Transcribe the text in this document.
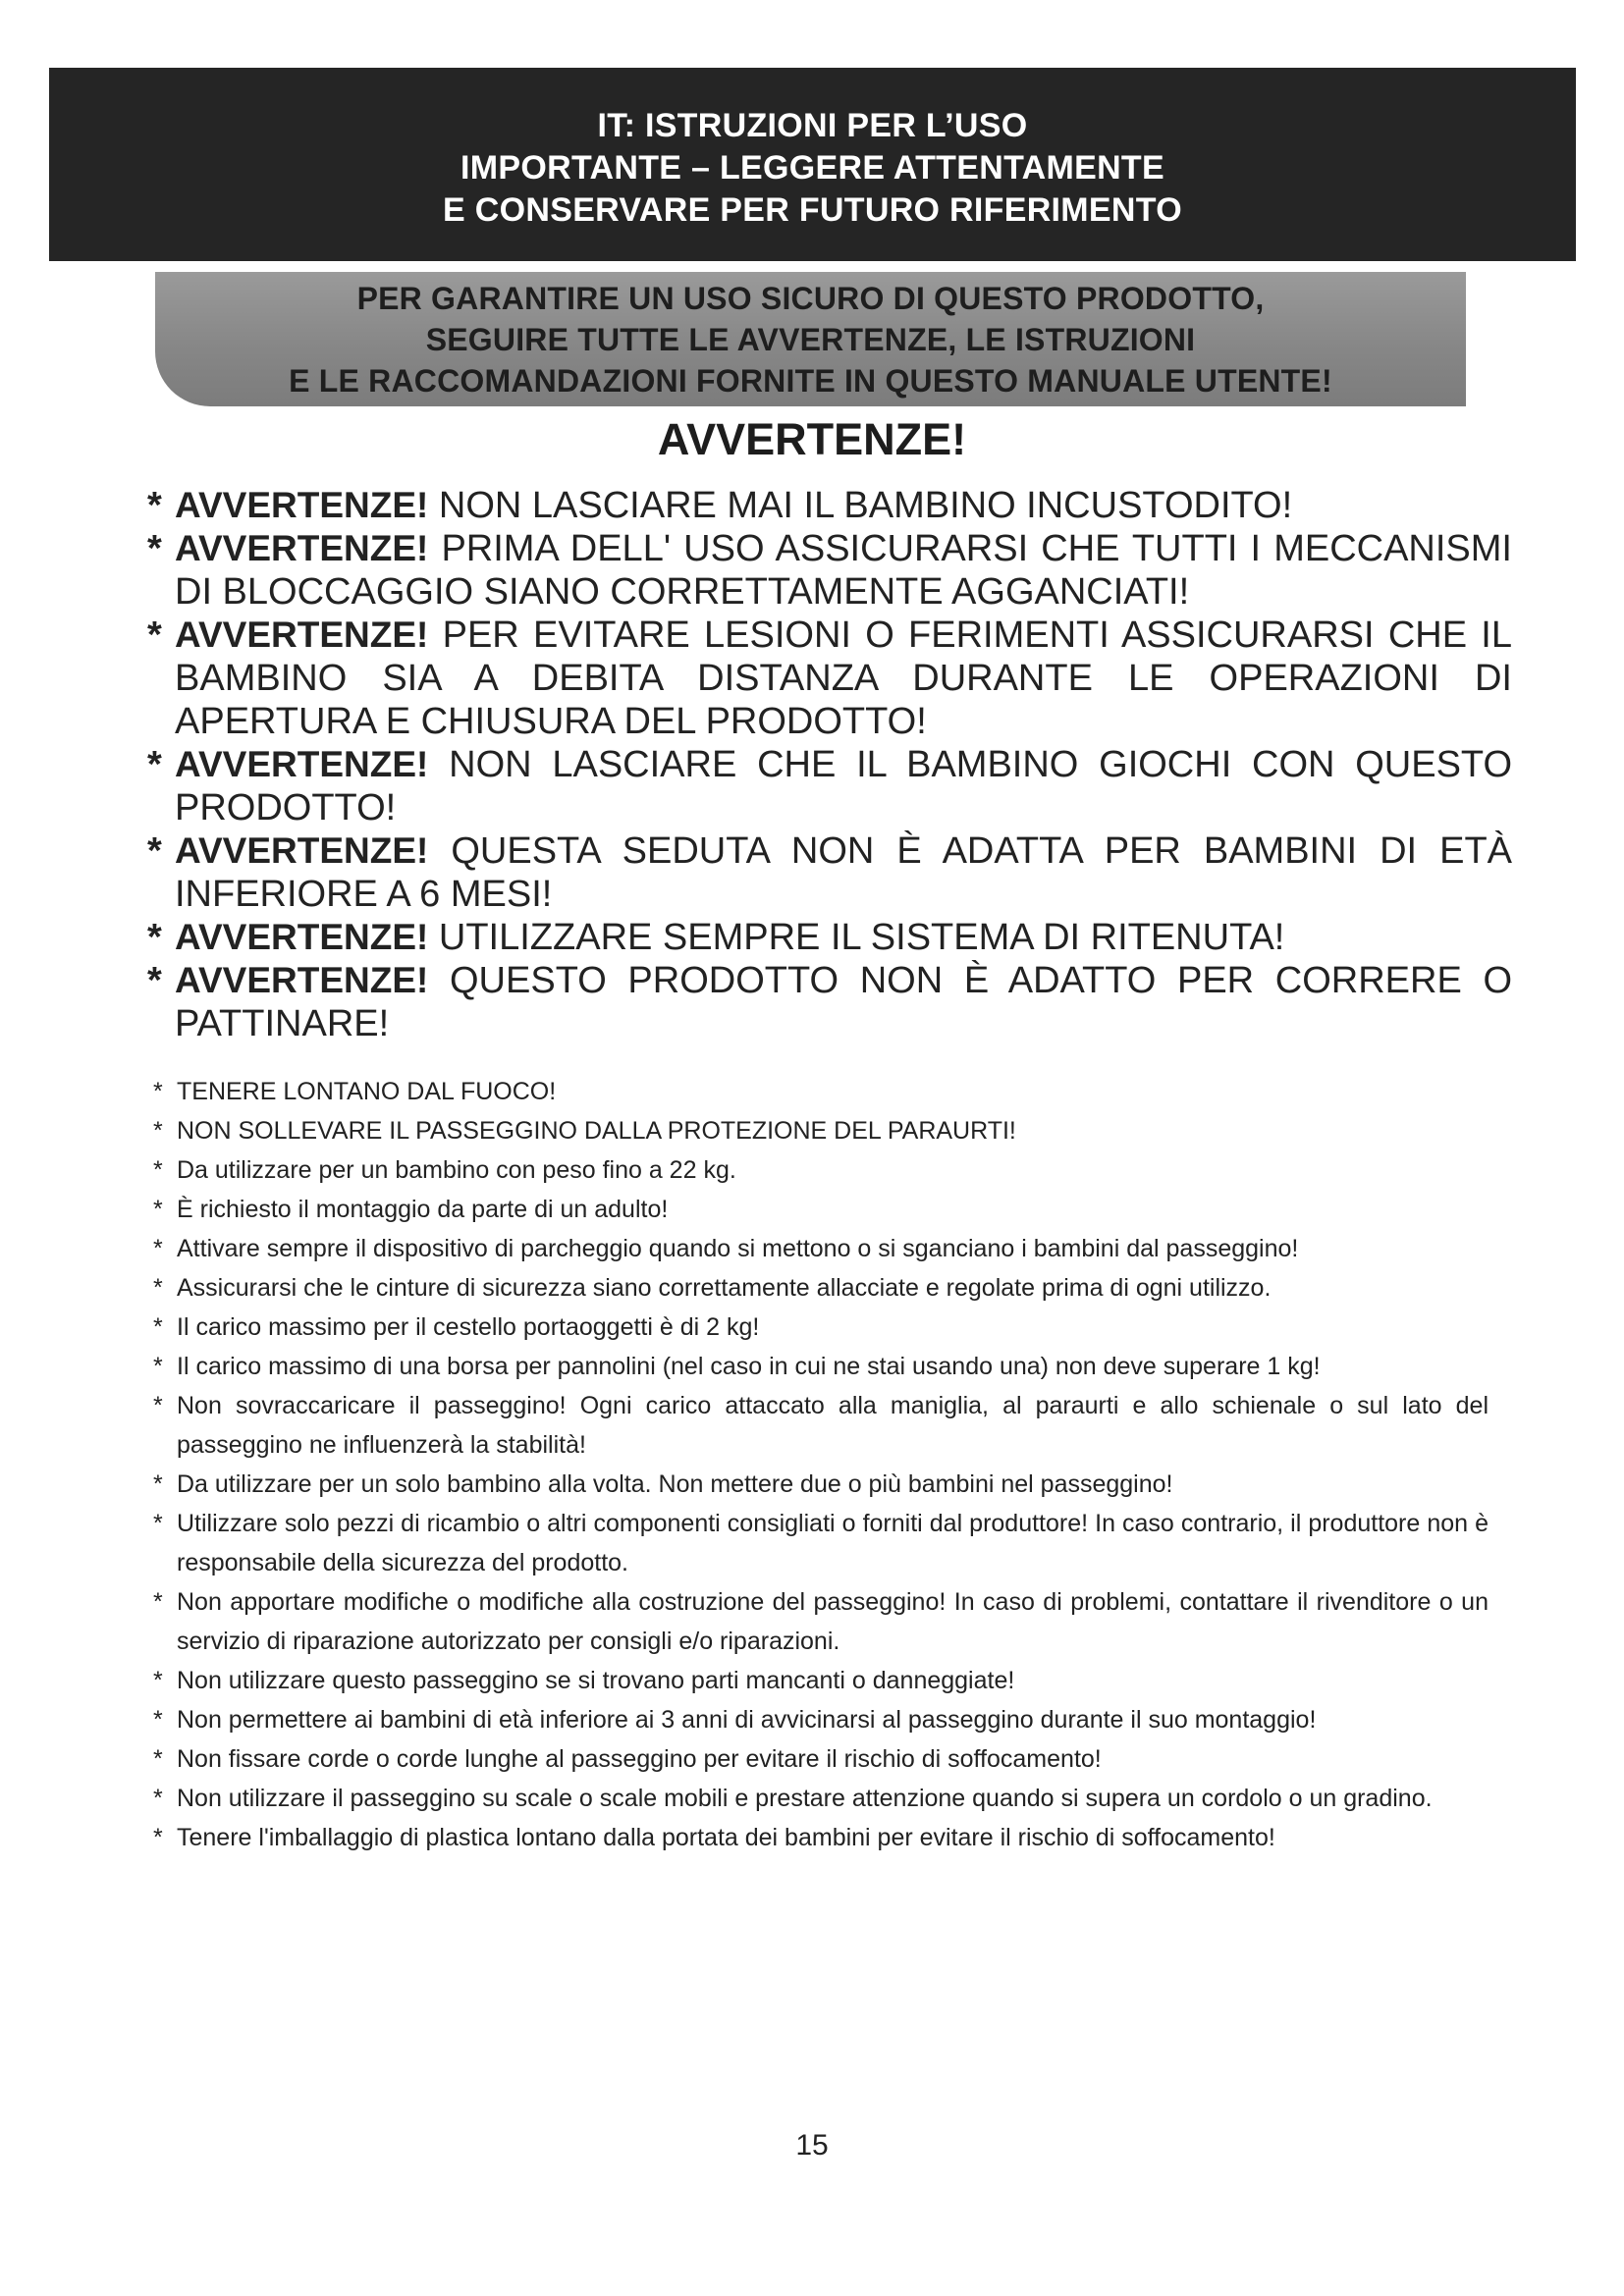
IT: ISTRUZIONI PER L’USO
IMPORTANTE – LEGGERE ATTENTAMENTE
E CONSERVARE PER FUTURO RIFERIMENTO
PER GARANTIRE UN USO SICURO DI QUESTO PRODOTTO,
SEGUIRE TUTTE LE AVVERTENZE, LE ISTRUZIONI
E LE RACCOMANDAZIONI FORNITE IN QUESTO MANUALE UTENTE!
AVVERTENZE!
* AVVERTENZE! NON LASCIARE MAI IL BAMBINO INCUSTODITO!
* AVVERTENZE! PRIMA DELL' USO ASSICURARSI CHE TUTTI I MECCANISMI DI BLOCCAGGIO SIANO CORRETTAMENTE AGGANCIATI!
* AVVERTENZE! PER EVITARE LESIONI O FERIMENTI ASSICURARSI CHE IL BAMBINO SIA A DEBITA DISTANZA DURANTE LE OPERAZIONI DI APERTURA E CHIUSURA DEL PRODOTTO!
* AVVERTENZE! NON LASCIARE CHE IL BAMBINO GIOCHI CON QUESTO PRODOTTO!
* AVVERTENZE! QUESTA SEDUTA NON È ADATTA PER BAMBINI DI ETÀ INFERIORE A 6 MESI!
* AVVERTENZE! UTILIZZARE SEMPRE IL SISTEMA DI RITENUTA!
* AVVERTENZE! QUESTO PRODOTTO NON È ADATTO PER CORRERE O PATTINARE!
* TENERE LONTANO DAL FUOCO!
* NON SOLLEVARE IL PASSEGGINO DALLA PROTEZIONE DEL PARAURTI!
* Da utilizzare per un bambino con peso fino a 22 kg.
* È richiesto il montaggio da parte di un adulto!
* Attivare sempre il dispositivo di parcheggio quando si mettono o si sganciano i bambini dal passeggino!
* Assicurarsi che le cinture di sicurezza siano correttamente allacciate e regolate prima di ogni utilizzo.
* Il carico massimo per il cestello portaoggetti è di 2 kg!
* Il carico massimo di una borsa per pannolini (nel caso in cui ne stai usando una) non deve superare 1 kg!
* Non sovraccaricare il passeggino! Ogni carico attaccato alla maniglia, al paraurti e allo schienale o sul lato del passeggino ne influenzerà la stabilità!
* Da utilizzare per un solo bambino alla volta. Non mettere due o più bambini nel passeggino!
* Utilizzare solo pezzi di ricambio o altri componenti consigliati o forniti dal produttore! In caso contrario, il produttore non è responsabile della sicurezza del prodotto.
* Non apportare modifiche o modifiche alla costruzione del passeggino! In caso di problemi, contattare il rivenditore o un servizio di riparazione autorizzato per consigli e/o riparazioni.
* Non utilizzare questo passeggino se si trovano parti mancanti o danneggiate!
* Non permettere ai bambini di età inferiore ai 3 anni di avvicinarsi al passeggino durante il suo montaggio!
* Non fissare corde o corde lunghe al passeggino per evitare il rischio di soffocamento!
* Non utilizzare il passeggino su scale o scale mobili e prestare attenzione quando si supera un cordolo o un gradino.
* Tenere l'imballaggio di plastica lontano dalla portata dei bambini per evitare il rischio di soffocamento!
15
